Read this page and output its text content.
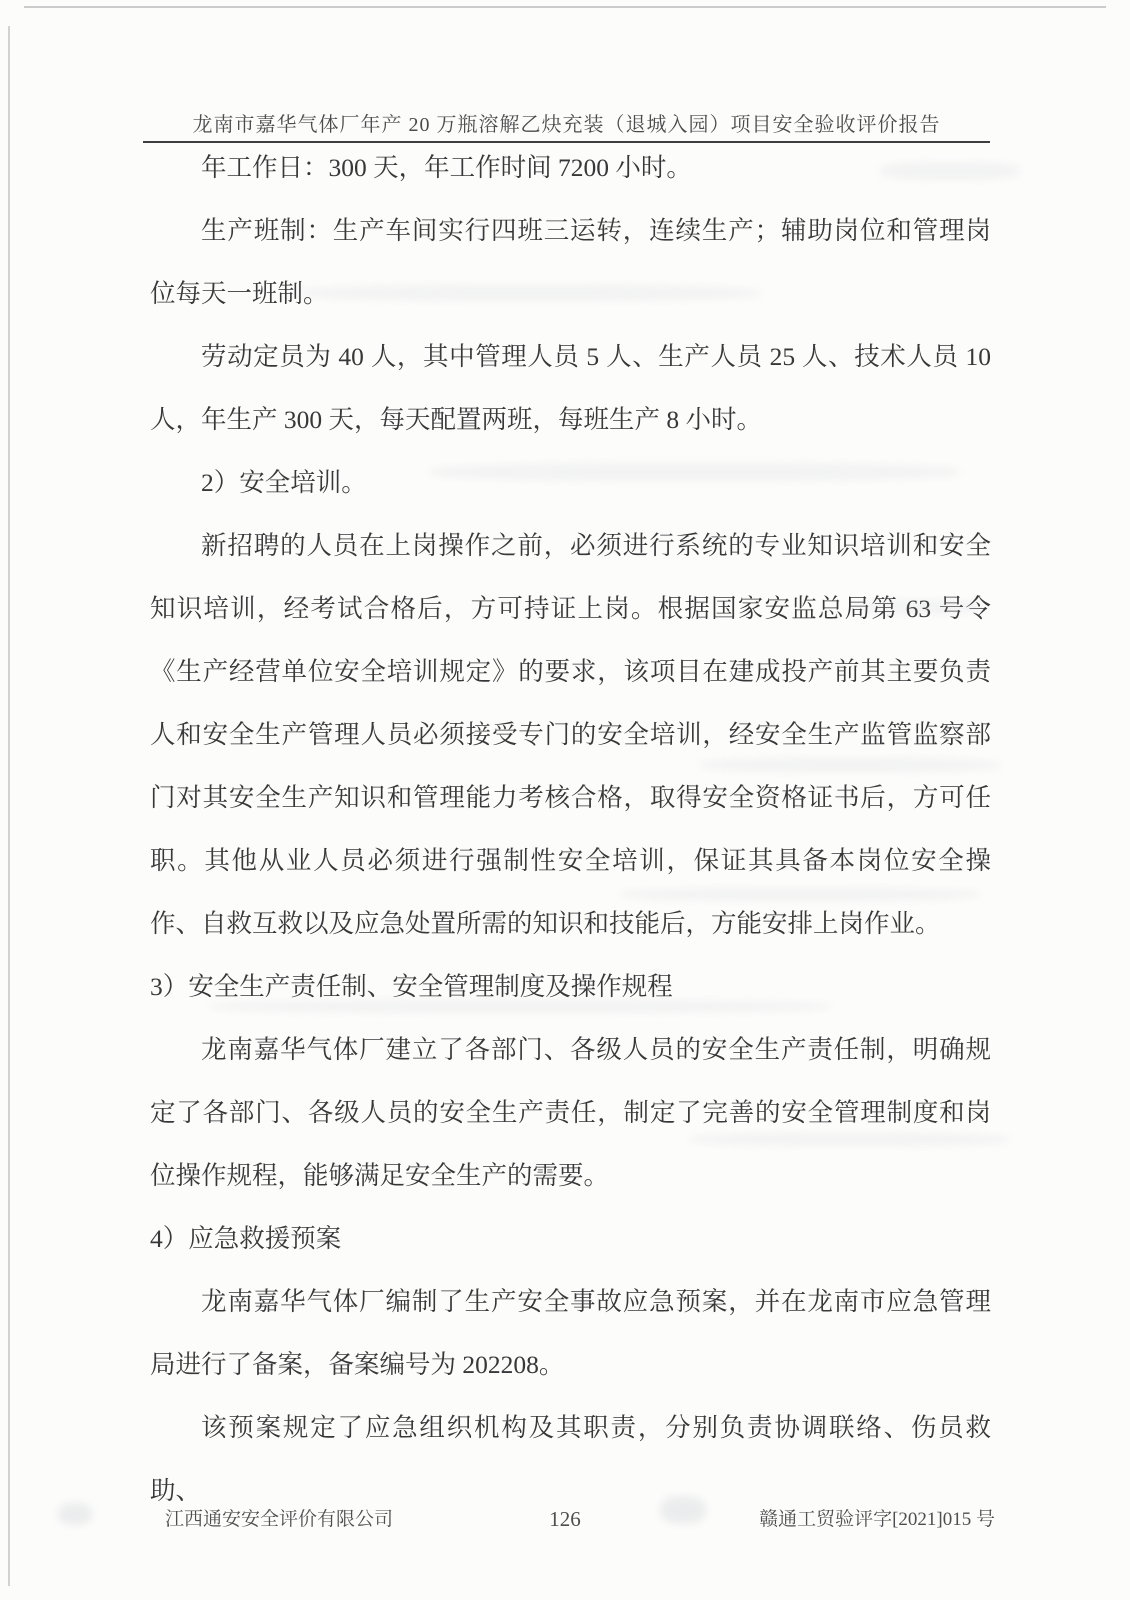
龙南市嘉华气体厂年产 20 万瓶溶解乙炔充装（退城入园）项目安全验收评价报告

年工作日：300 天，年工作时间 7200 小时。

生产班制：生产车间实行四班三运转，连续生产；辅助岗位和管理岗位每天一班制。

劳动定员为 40 人，其中管理人员 5 人、生产人员 25 人、技术人员 10 人，年生产 300 天，每天配置两班，每班生产 8 小时。

2）安全培训。

新招聘的人员在上岗操作之前，必须进行系统的专业知识培训和安全知识培训，经考试合格后，方可持证上岗。根据国家安监总局第 63 号令《生产经营单位安全培训规定》的要求，该项目在建成投产前其主要负责人和安全生产管理人员必须接受专门的安全培训，经安全生产监管监察部门对其安全生产知识和管理能力考核合格，取得安全资格证书后，方可任职。其他从业人员必须进行强制性安全培训，保证其具备本岗位安全操作、自救互救以及应急处置所需的知识和技能后，方能安排上岗作业。

3）安全生产责任制、安全管理制度及操作规程

龙南嘉华气体厂建立了各部门、各级人员的安全生产责任制，明确规定了各部门、各级人员的安全生产责任，制定了完善的安全管理制度和岗位操作规程，能够满足安全生产的需要。

4）应急救援预案

龙南嘉华气体厂编制了生产安全事故应急预案，并在龙南市应急管理局进行了备案，备案编号为 202208。

该预案规定了应急组织机构及其职责，分别负责协调联络、伤员救助、

江西通安安全评价有限公司	126	赣通工贸验评字[2021]015 号
